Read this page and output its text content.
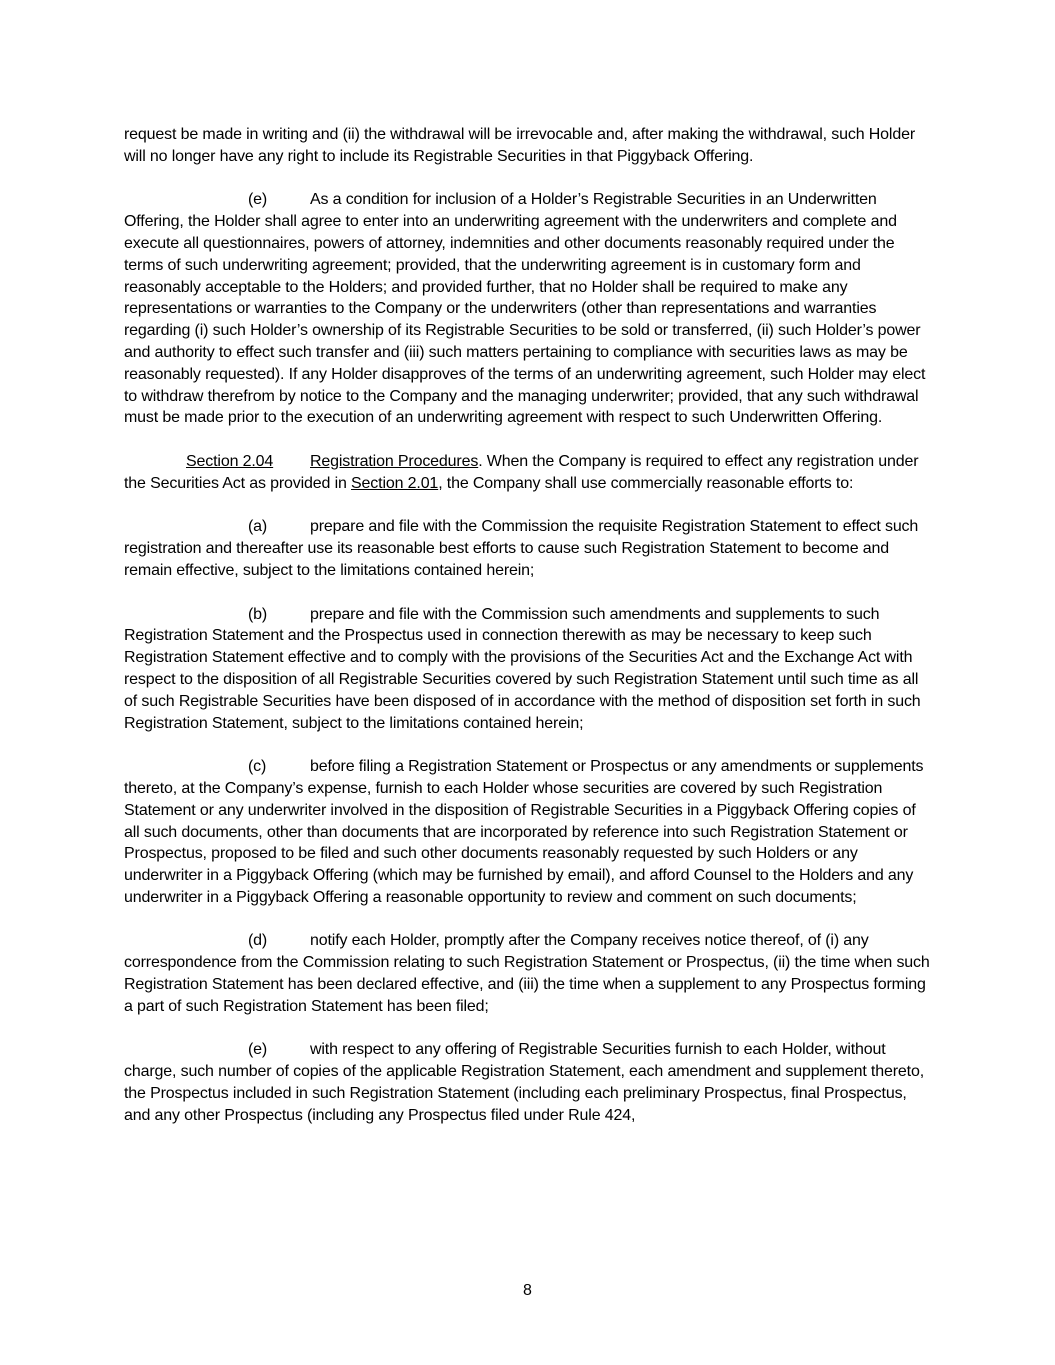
request be made in writing and (ii) the withdrawal will be irrevocable and, after making the withdrawal, such Holder will no longer have any right to include its Registrable Securities in that Piggyback Offering.

(e)	As a condition for inclusion of a Holder’s Registrable Securities in an Underwritten Offering, the Holder shall agree to enter into an underwriting agreement with the underwriters and complete and execute all questionnaires, powers of attorney, indemnities and other documents reasonably required under the terms of such underwriting agreement; provided, that the underwriting agreement is in customary form and reasonably acceptable to the Holders; and provided further, that no Holder shall be required to make any representations or warranties to the Company or the underwriters (other than representations and warranties regarding (i) such Holder’s ownership of its Registrable Securities to be sold or transferred, (ii) such Holder’s power and authority to effect such transfer and (iii) such matters pertaining to compliance with securities laws as may be reasonably requested). If any Holder disapproves of the terms of an underwriting agreement, such Holder may elect to withdraw therefrom by notice to the Company and the managing underwriter; provided, that any such withdrawal must be made prior to the execution of an underwriting agreement with respect to such Underwritten Offering.

Section 2.04 Registration Procedures. When the Company is required to effect any registration under the Securities Act as provided in Section 2.01, the Company shall use commercially reasonable efforts to:

(a)	prepare and file with the Commission the requisite Registration Statement to effect such registration and thereafter use its reasonable best efforts to cause such Registration Statement to become and remain effective, subject to the limitations contained herein;

(b)	prepare and file with the Commission such amendments and supplements to such Registration Statement and the Prospectus used in connection therewith as may be necessary to keep such Registration Statement effective and to comply with the provisions of the Securities Act and the Exchange Act with respect to the disposition of all Registrable Securities covered by such Registration Statement until such time as all of such Registrable Securities have been disposed of in accordance with the method of disposition set forth in such Registration Statement, subject to the limitations contained herein;

(c)	before filing a Registration Statement or Prospectus or any amendments or supplements thereto, at the Company’s expense, furnish to each Holder whose securities are covered by such Registration Statement or any underwriter involved in the disposition of Registrable Securities in a Piggyback Offering copies of all such documents, other than documents that are incorporated by reference into such Registration Statement or Prospectus, proposed to be filed and such other documents reasonably requested by such Holders or any underwriter in a Piggyback Offering (which may be furnished by email), and afford Counsel to the Holders and any underwriter in a Piggyback Offering a reasonable opportunity to review and comment on such documents;

(d)	notify each Holder, promptly after the Company receives notice thereof, of (i) any correspondence from the Commission relating to such Registration Statement or Prospectus, (ii) the time when such Registration Statement has been declared effective, and (iii) the time when a supplement to any Prospectus forming a part of such Registration Statement has been filed;

(e)	with respect to any offering of Registrable Securities furnish to each Holder, without charge, such number of copies of the applicable Registration Statement, each amendment and supplement thereto, the Prospectus included in such Registration Statement (including each preliminary Prospectus, final Prospectus, and any other Prospectus (including any Prospectus filed under Rule 424,

8
